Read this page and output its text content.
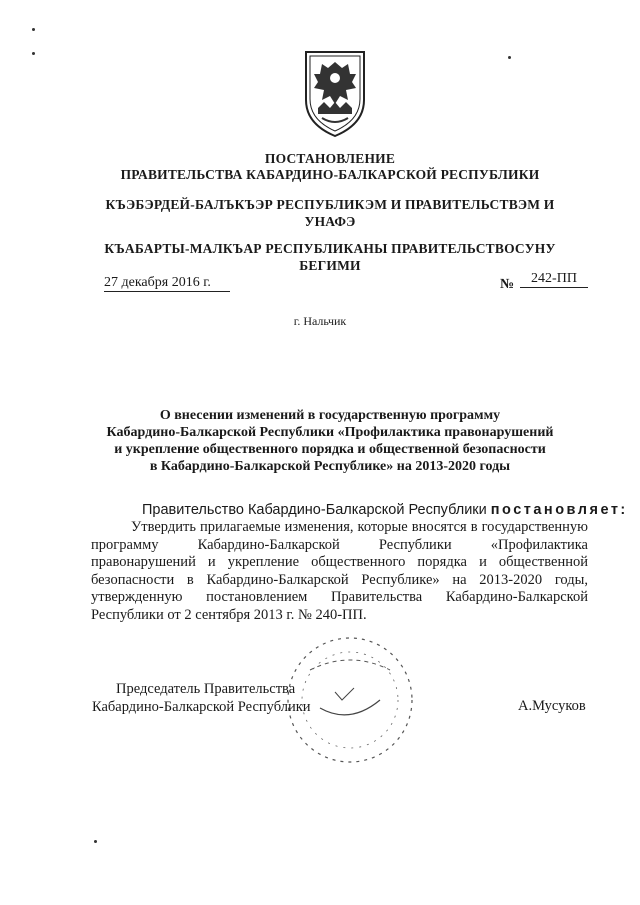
ПОСТАНОВЛЕНИЕ
ПРАВИТЕЛЬСТВА КАБАРДИНО-БАЛКАРСКОЙ РЕСПУБЛИКИ
КЪЭБЭРДЕЙ-БАЛЪКЪЭР РЕСПУБЛИКЭМ И ПРАВИТЕЛЬСТВЭМ И
УНАФЭ
КЪАБАРТЫ-МАЛКЪАР РЕСПУБЛИКАНЫ ПРАВИТЕЛЬСТВОСУНУ
БЕГИМИ
27 декабря 2016 г.	№	242-ПП
г. Нальчик
О внесении изменений в государственную программу
Кабардино-Балкарской Республики «Профилактика правонарушений
и укрепление общественного порядка и общественной безопасности
в Кабардино-Балкарской Республике» на 2013-2020 годы
Правительство Кабардино-Балкарской Республики постановляет:
Утвердить прилагаемые изменения, которые вносятся в государственную программу Кабардино-Балкарской Республики «Профилактика правонарушений и укрепление общественного порядка и общественной безопасности в Кабардино-Балкарской Республике» на 2013-2020 годы, утвержденную постановлением Правительства Кабардино-Балкарской Республики от 2 сентября 2013 г. № 240-ПП.
Председатель Правительства
Кабардино-Балкарской Республики	А.Мусуков
